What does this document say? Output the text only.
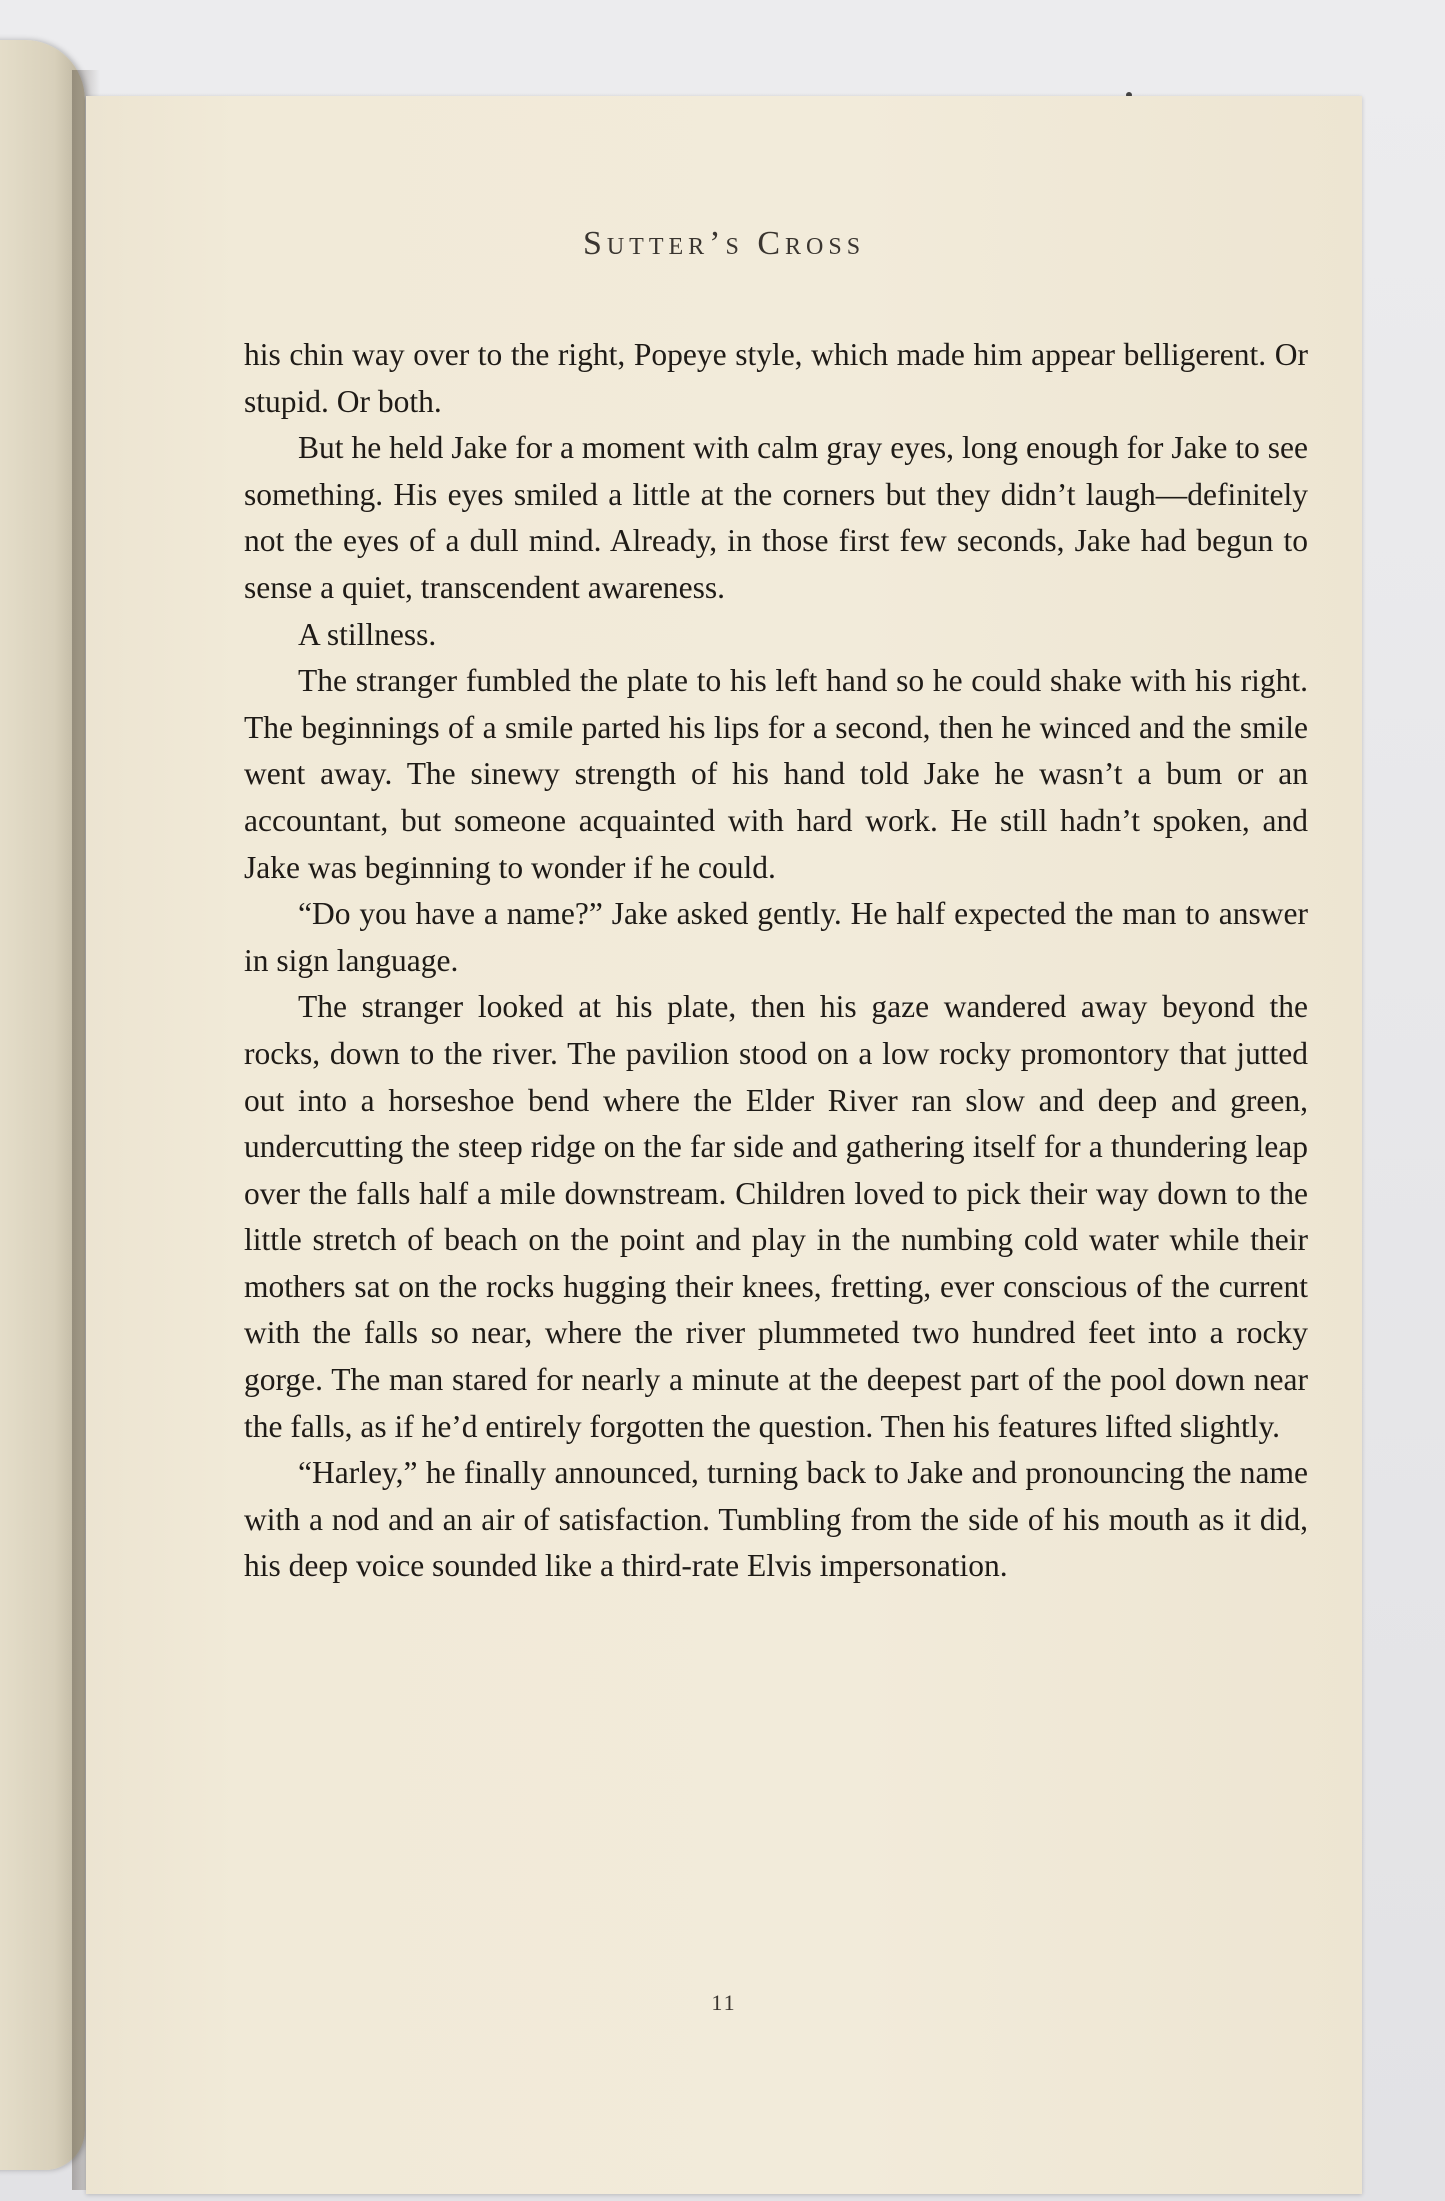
Sutter’s Cross

his chin way over to the right, Popeye style, which made him appear belligerent. Or stupid. Or both.

But he held Jake for a moment with calm gray eyes, long enough for Jake to see something. His eyes smiled a little at the corners but they didn’t laugh—definitely not the eyes of a dull mind. Already, in those first few seconds, Jake had begun to sense a quiet, transcendent awareness.

A stillness.

The stranger fumbled the plate to his left hand so he could shake with his right. The beginnings of a smile parted his lips for a second, then he winced and the smile went away. The sinewy strength of his hand told Jake he wasn’t a bum or an accountant, but someone acquainted with hard work. He still hadn’t spoken, and Jake was beginning to wonder if he could.

“Do you have a name?” Jake asked gently. He half expected the man to answer in sign language.

The stranger looked at his plate, then his gaze wandered away beyond the rocks, down to the river. The pavilion stood on a low rocky promontory that jutted out into a horseshoe bend where the Elder River ran slow and deep and green, undercutting the steep ridge on the far side and gathering itself for a thundering leap over the falls half a mile downstream. Children loved to pick their way down to the little stretch of beach on the point and play in the numbing cold water while their mothers sat on the rocks hugging their knees, fretting, ever conscious of the current with the falls so near, where the river plummeted two hundred feet into a rocky gorge. The man stared for nearly a minute at the deepest part of the pool down near the falls, as if he’d entirely forgotten the question. Then his features lifted slightly.

“Harley,” he finally announced, turning back to Jake and pronouncing the name with a nod and an air of satisfaction. Tumbling from the side of his mouth as it did, his deep voice sounded like a third-rate Elvis impersonation.

11
